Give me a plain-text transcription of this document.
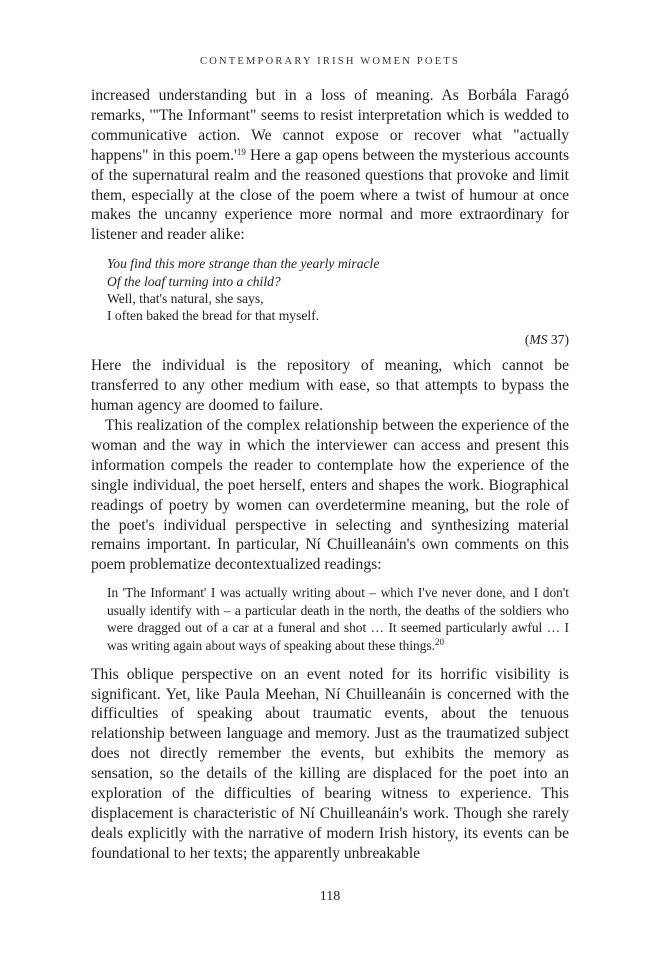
CONTEMPORARY IRISH WOMEN POETS

increased understanding but in a loss of meaning. As Borbála Faragó remarks, '"The Informant" seems to resist interpretation which is wedded to communicative action. We cannot expose or recover what "actually happens" in this $poem.'^{19}$ Here a gap opens between the mysterious accounts of the supernatural realm and the reasoned questions that provoke and limit them, especially at the close of the poem where a twist of humour at once makes the uncanny experience more normal and more extraordinary for listener and reader alike:

You find this more strange than the yearly miracle
Of the loaf turning into a child?
Well, that's natural, she says,
I often baked the bread for that myself.
(MS 37)

Here the individual is the repository of meaning, which cannot be transferred to any other medium with ease, so that attempts to bypass the human agency are doomed to failure.

This realization of the complex relationship between the experience of the woman and the way in which the interviewer can access and present this information compels the reader to contemplate how the experience of the single individual, the poet herself, enters and shapes the work. Biographical readings of poetry by women can overdetermine meaning, but the role of the poet's individual perspective in selecting and synthesizing material remains important. In particular, Ní Chuilleanáin's own comments on this poem problematize decontextualized readings:

In 'The Informant' I was actually writing about – which I've never done, and I don't usually identify with – a particular death in the north, the deaths of the soldiers who were dragged out of a car at a funeral and shot … It seemed particularly awful … I was writing again about ways of speaking about these things.$^{20}$

This oblique perspective on an event noted for its horrific visibility is significant. Yet, like Paula Meehan, Ní Chuilleanáin is concerned with the difficulties of speaking about traumatic events, about the tenuous relationship between language and memory. Just as the traumatized subject does not directly remember the events, but exhibits the memory as sensation, so the details of the killing are displaced for the poet into an exploration of the difficulties of bearing witness to experience. This displacement is characteristic of Ní Chuilleanáin's work. Though she rarely deals explicitly with the narrative of modern Irish history, its events can be foundational to her texts; the apparently unbreakable

118
